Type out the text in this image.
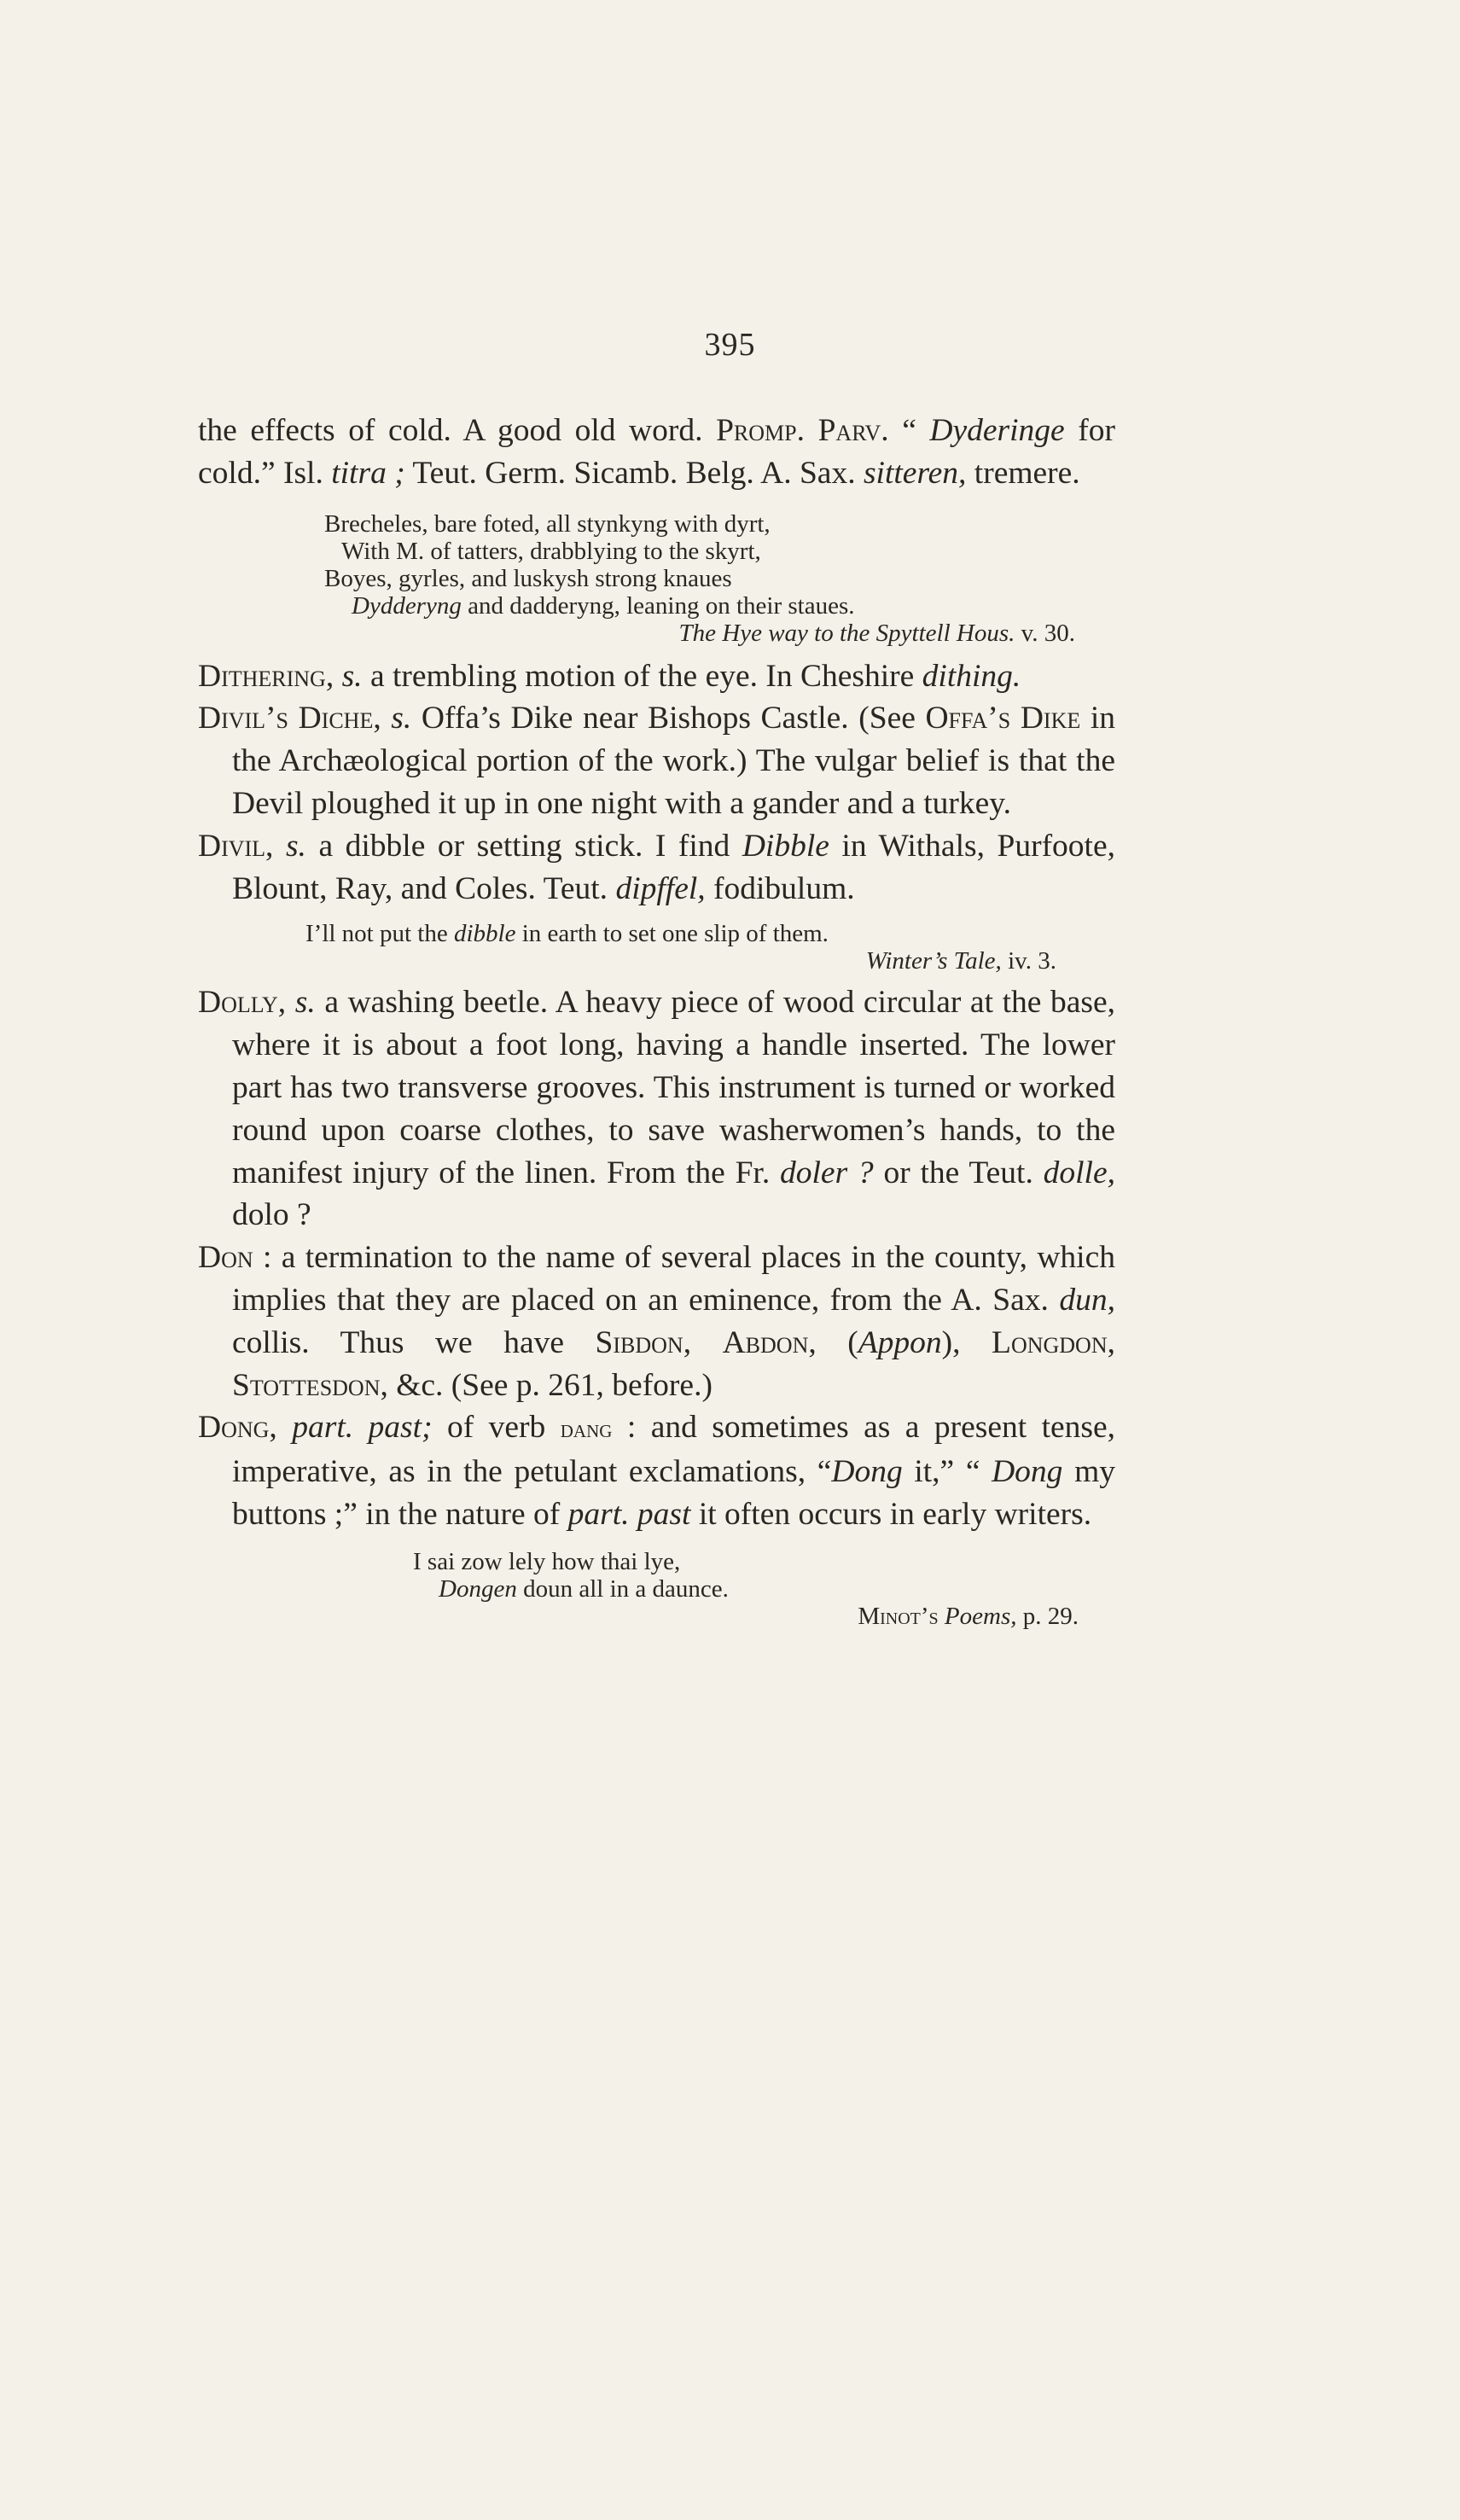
395

the effects of cold. A good old word. Promp. Parv. “ Dyderinge for cold.” Isl. titra ; Teut. Germ. Sicamb. Belg. A. Sax. sitteren, tremere.

Brecheles, bare foted, all stynkyng with dyrt,
With M. of tatters, drabblying to the skyrt,
Boyes, gyrles, and luskysh strong knaues
Dydderyng and dadderyng, leaning on their staues.
The Hye way to the Spyttell Hous. v. 30.

Dithering, s. a trembling motion of the eye. In Cheshire dithing.

Divil’s Diche, s. Offa’s Dike near Bishops Castle. (See Offa’s Dike in the Archæological portion of the work.) The vulgar belief is that the Devil ploughed it up in one night with a gander and a turkey.

Divil, s. a dibble or setting stick. I find Dibble in Withals, Purfoote, Blount, Ray, and Coles. Teut. dipffel, fodibulum.

I’ll not put the dibble in earth to set one slip of them.
Winter’s Tale, iv. 3.

Dolly, s. a washing beetle. A heavy piece of wood circular at the base, where it is about a foot long, having a handle inserted. The lower part has two transverse grooves. This instrument is turned or worked round upon coarse clothes, to save washerwomen’s hands, to the manifest injury of the linen. From the Fr. doler ? or the Teut. dolle, dolo ?

Don : a termination to the name of several places in the county, which implies that they are placed on an eminence, from the A. Sax. dun, collis. Thus we have Sibdon, Abdon, (Appon), Longdon, Stottesdon, &c. (See p. 261, before.)

Dong, part. past; of verb dang : and sometimes as a present tense, imperative, as in the petulant exclamations, “Dong it,” “ Dong my buttons ;” in the nature of part. past it often occurs in early writers.

I sai zow lely how thai lye,
Dongen doun all in a daunce.
Minot’s Poems, p. 29.
